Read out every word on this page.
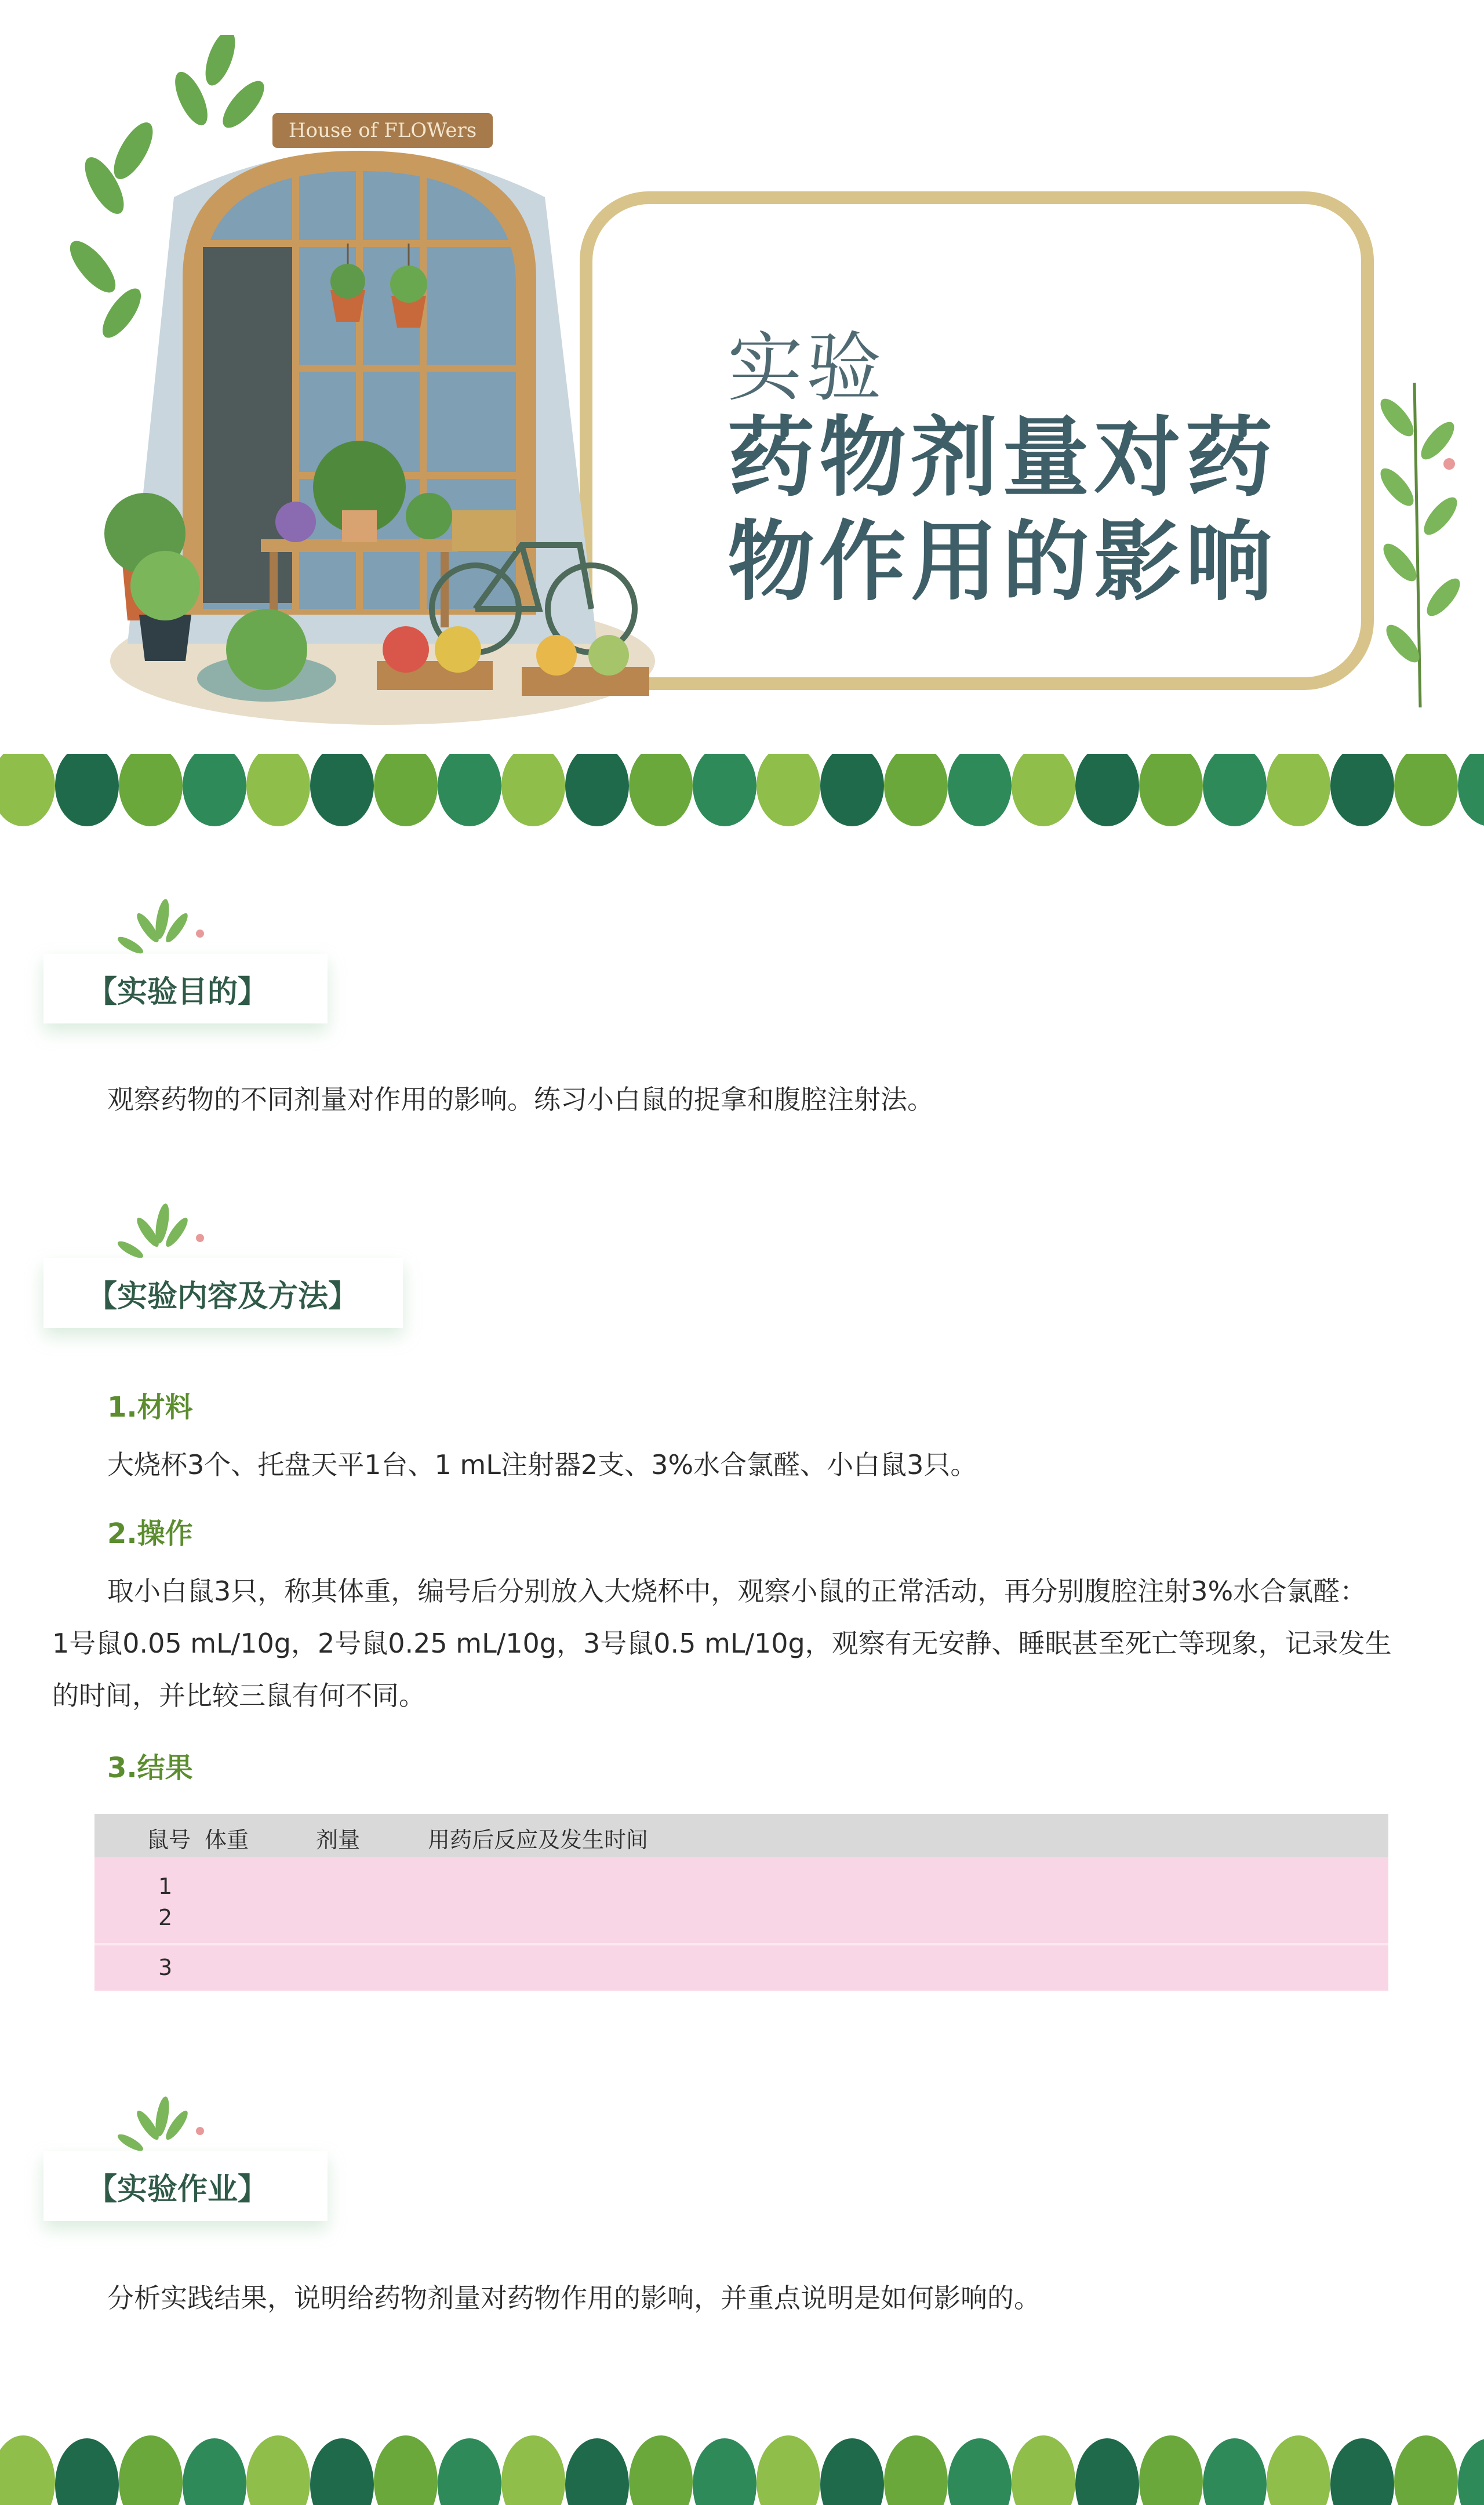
House of FLOWers
实验
药物剂量对药物作用的影响
【实验目的】
观察药物的不同剂量对作用的影响。练习小白鼠的捉拿和腹腔注射法。
【实验内容及方法】
1.材料
大烧杯3个、托盘天平1台、1 mL注射器2支、3%水合氯醛、小白鼠3只。
2.操作
取小白鼠3只，称其体重，编号后分别放入大烧杯中，观察小鼠的正常活动，再分别腹腔注射3%水合氯醛：
1号鼠0.05 mL/10g，2号鼠0.25 mL/10g，3号鼠0.5 mL/10g，观察有无安静、睡眠甚至死亡等现象，记录发生
的时间，并比较三鼠有何不同。
3.结果
鼠号 体重	剂量	用药后反应及发生时间
1
2
3
【实验作业】
分析实践结果，说明给药物剂量对药物作用的影响，并重点说明是如何影响的。
